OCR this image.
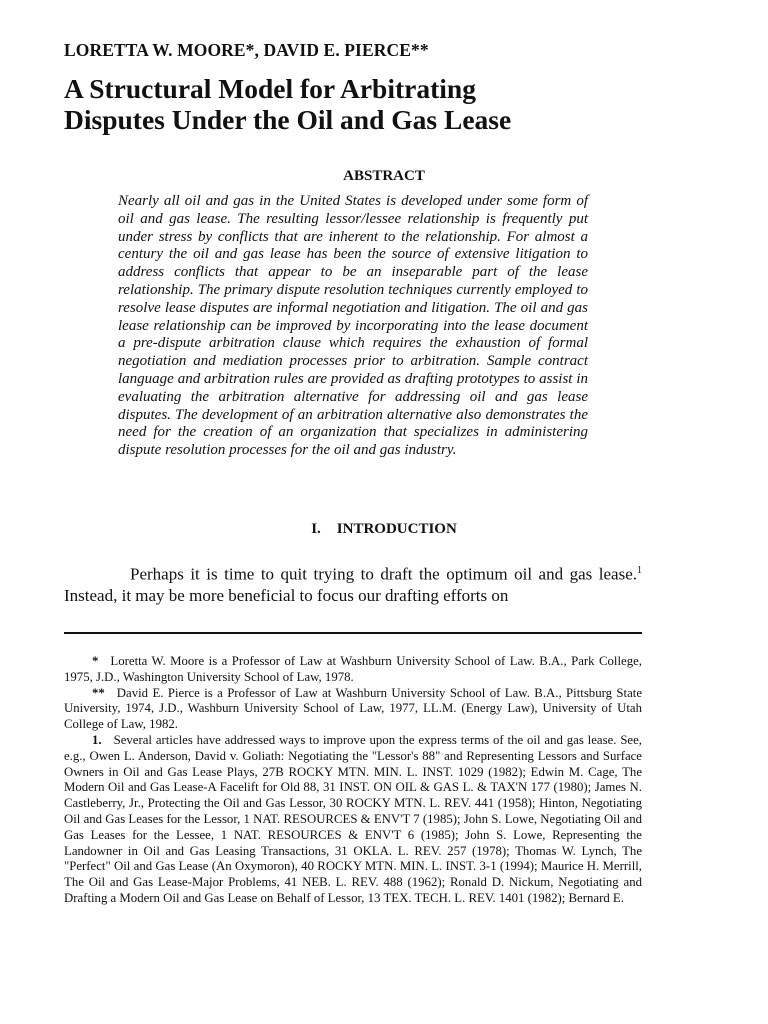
LORETTA W. MOORE*, DAVID E. PIERCE**
A Structural Model for Arbitrating
Disputes Under the Oil and Gas Lease
ABSTRACT
Nearly all oil and gas in the United States is developed under some form of oil and gas lease. The resulting lessor/lessee relationship is frequently put under stress by conflicts that are inherent to the relationship. For almost a century the oil and gas lease has been the source of extensive litigation to address conflicts that appear to be an inseparable part of the lease relationship. The primary dispute resolution techniques currently employed to resolve lease disputes are informal negotiation and litigation. The oil and gas lease relationship can be improved by incorporating into the lease document a pre-dispute arbitration clause which requires the exhaustion of formal negotiation and mediation processes prior to arbitration. Sample contract language and arbitration rules are provided as drafting prototypes to assist in evaluating the arbitration alternative for addressing oil and gas lease disputes. The development of an arbitration alternative also demonstrates the need for the creation of an organization that specializes in administering dispute resolution processes for the oil and gas industry.
I. INTRODUCTION
Perhaps it is time to quit trying to draft the optimum oil and gas lease.$^1$ Instead, it may be more beneficial to focus our drafting efforts on

* Loretta W. Moore is a Professor of Law at Washburn University School of Law. B.A., Park College, 1975, J.D., Washington University School of Law, 1978.

** David E. Pierce is a Professor of Law at Washburn University School of Law. B.A., Pittsburg State University, 1974, J.D., Washburn University School of Law, 1977, LL.M. (Energy Law), University of Utah College of Law, 1982.

1. Several articles have addressed ways to improve upon the express terms of the oil and gas lease. See, e.g., Owen L. Anderson, David v. Goliath: Negotiating the "Lessor's 88" and Representing Lessors and Surface Owners in Oil and Gas Lease Plays, 27B ROCKY MTN. MIN. L. INST. 1029 (1982); Edwin M. Cage, The Modern Oil and Gas Lease-A Facelift for Old 88, 31 INST. ON OIL & GAS L. & TAX'N 177 (1980); James N. Castleberry, Jr., Protecting the Oil and Gas Lessor, 30 ROCKY MTN. L. REV. 441 (1958); Hinton, Negotiating Oil and Gas Leases for the Lessor, 1 NAT. RESOURCES & ENV'T 7 (1985); John S. Lowe, Negotiating Oil and Gas Leases for the Lessee, 1 NAT. RESOURCES & ENV'T 6 (1985); John S. Lowe, Representing the Landowner in Oil and Gas Leasing Transactions, 31 OKLA. L. REV. 257 (1978); Thomas W. Lynch, The "Perfect" Oil and Gas Lease (An Oxymoron), 40 ROCKY MTN. MIN. L. INST. 3-1 (1994); Maurice H. Merrill, The Oil and Gas Lease-Major Problems, 41 NEB. L. REV. 488 (1962); Ronald D. Nickum, Negotiating and Drafting a Modern Oil and Gas Lease on Behalf of Lessor, 13 TEX. TECH. L. REV. 1401 (1982); Bernard E.
